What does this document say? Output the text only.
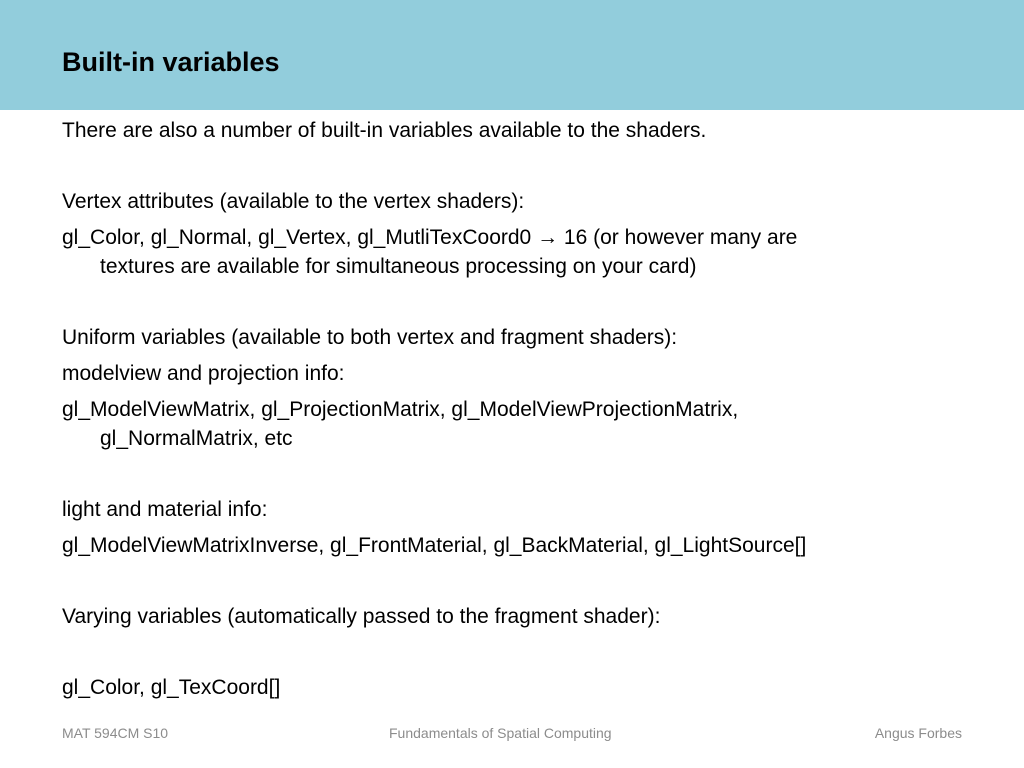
Built-in variables
There are also a number of built-in variables available to the shaders.
Vertex attributes (available to the vertex shaders):
gl_Color, gl_Normal, gl_Vertex, gl_MutliTexCoord0 → 16 (or however many are
textures are available for simultaneous processing on your card)
Uniform variables (available to both vertex and fragment shaders):
modelview and projection info:
gl_ModelViewMatrix, gl_ProjectionMatrix, gl_ModelViewProjectionMatrix,
gl_NormalMatrix, etc
light and material info:
gl_ModelViewMatrixInverse, gl_FrontMaterial, gl_BackMaterial, gl_LightSource[]
Varying variables (automatically passed to the fragment shader):
gl_Color, gl_TexCoord[]
MAT 594CM S10	Fundamentals of Spatial Computing	Angus Forbes
